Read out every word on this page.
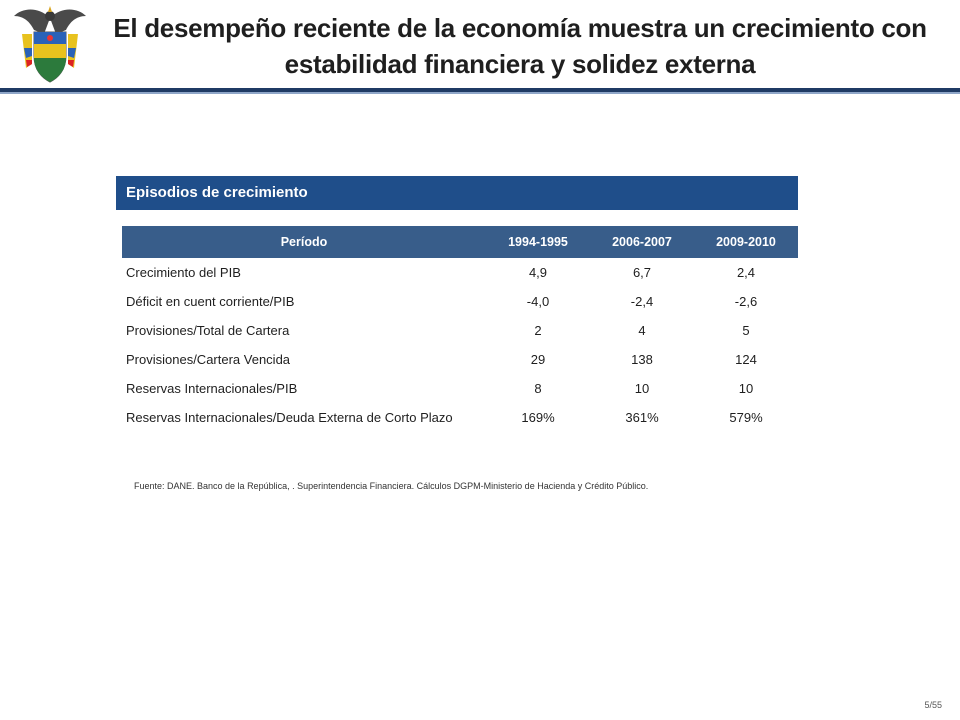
El desempeño reciente de la economía muestra un crecimiento con estabilidad financiera y solidez externa
Episodios de crecimiento
Período	1994-1995	2006-2007	2009-2010
Crecimiento del PIB	4,9	6,7	2,4
Déficit en cuent corriente/PIB	-4,0	-2,4	-2,6
Provisiones/Total de Cartera	2	4	5
Provisiones/Cartera Vencida	29	138	124
Reservas Internacionales/PIB	8	10	10
Reservas Internacionales/Deuda Externa de Corto Plazo	169%	361%	579%
Fuente: DANE. Banco de la República, . Superintendencia Financiera. Cálculos DGPM-Ministerio de Hacienda y Crédito Público.
5/55
